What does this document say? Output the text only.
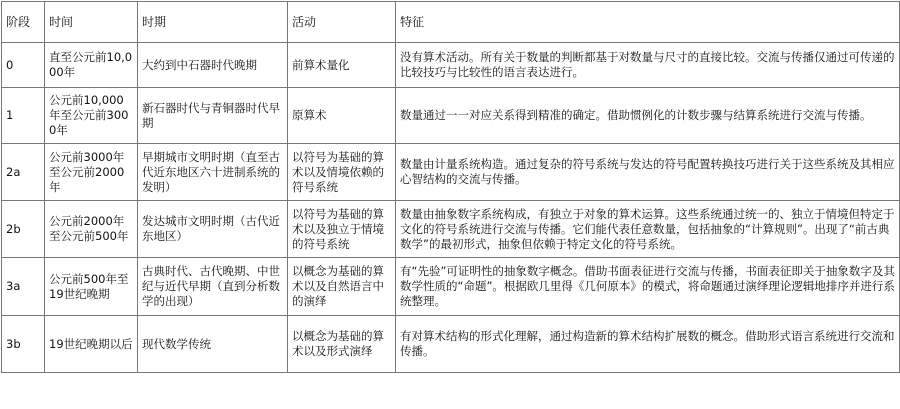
阶段	时间	时期	活动	特征
0	直至公元前10,000年	大约到中石器时代晚期	前算术量化	没有算术活动。所有关于数量的判断都基于对数量与尺寸的直接比较。交流与传播仅通过可传递的比较技巧与比较性的语言表达进行。
1	公元前10,000年至公元前3000年	新石器时代与青铜器时代早期	原算术	数量通过一一对应关系得到精准的确定。借助惯例化的计数步骤与结算系统进行交流与传播。
2a	公元前3000年至公元前2000年	早期城市文明时期（直至古代近东地区六十进制系统的发明）	以符号为基础的算术以及情境依赖的符号系统	数量由计量系统构造。通过复杂的符号系统与发达的符号配置转换技巧进行关于这些系统及其相应心智结构的交流与传播。
2b	公元前2000年至公元前500年	发达城市文明时期（古代近东地区）	以符号为基础的算术以及独立于情境的符号系统	数量由抽象数字系统构成，有独立于对象的算术运算。这些系统通过统一的、独立于情境但特定于文化的符号系统进行交流与传播。它们能代表任意数量，包括抽象的“计算规则”。出现了“前古典数学”的最初形式，抽象但依赖于特定文化的符号系统。
3a	公元前500年至19世纪晚期	古典时代、古代晚期、中世纪与近代早期（直到分析数学的出现）	以概念为基础的算术以及自然语言中的演绎	有“先验”可证明性的抽象数字概念。借助书面表征进行交流与传播，书面表征即关于抽象数字及其数学性质的“命题”。根据欧几里得《几何原本》的模式，将命题通过演绎理论逻辑地排序并进行系统整理。
3b	19世纪晚期以后	现代数学传统	以概念为基础的算术以及形式演绎	有对算术结构的形式化理解，通过构造新的算术结构扩展数的概念。借助形式语言系统进行交流和传播。
